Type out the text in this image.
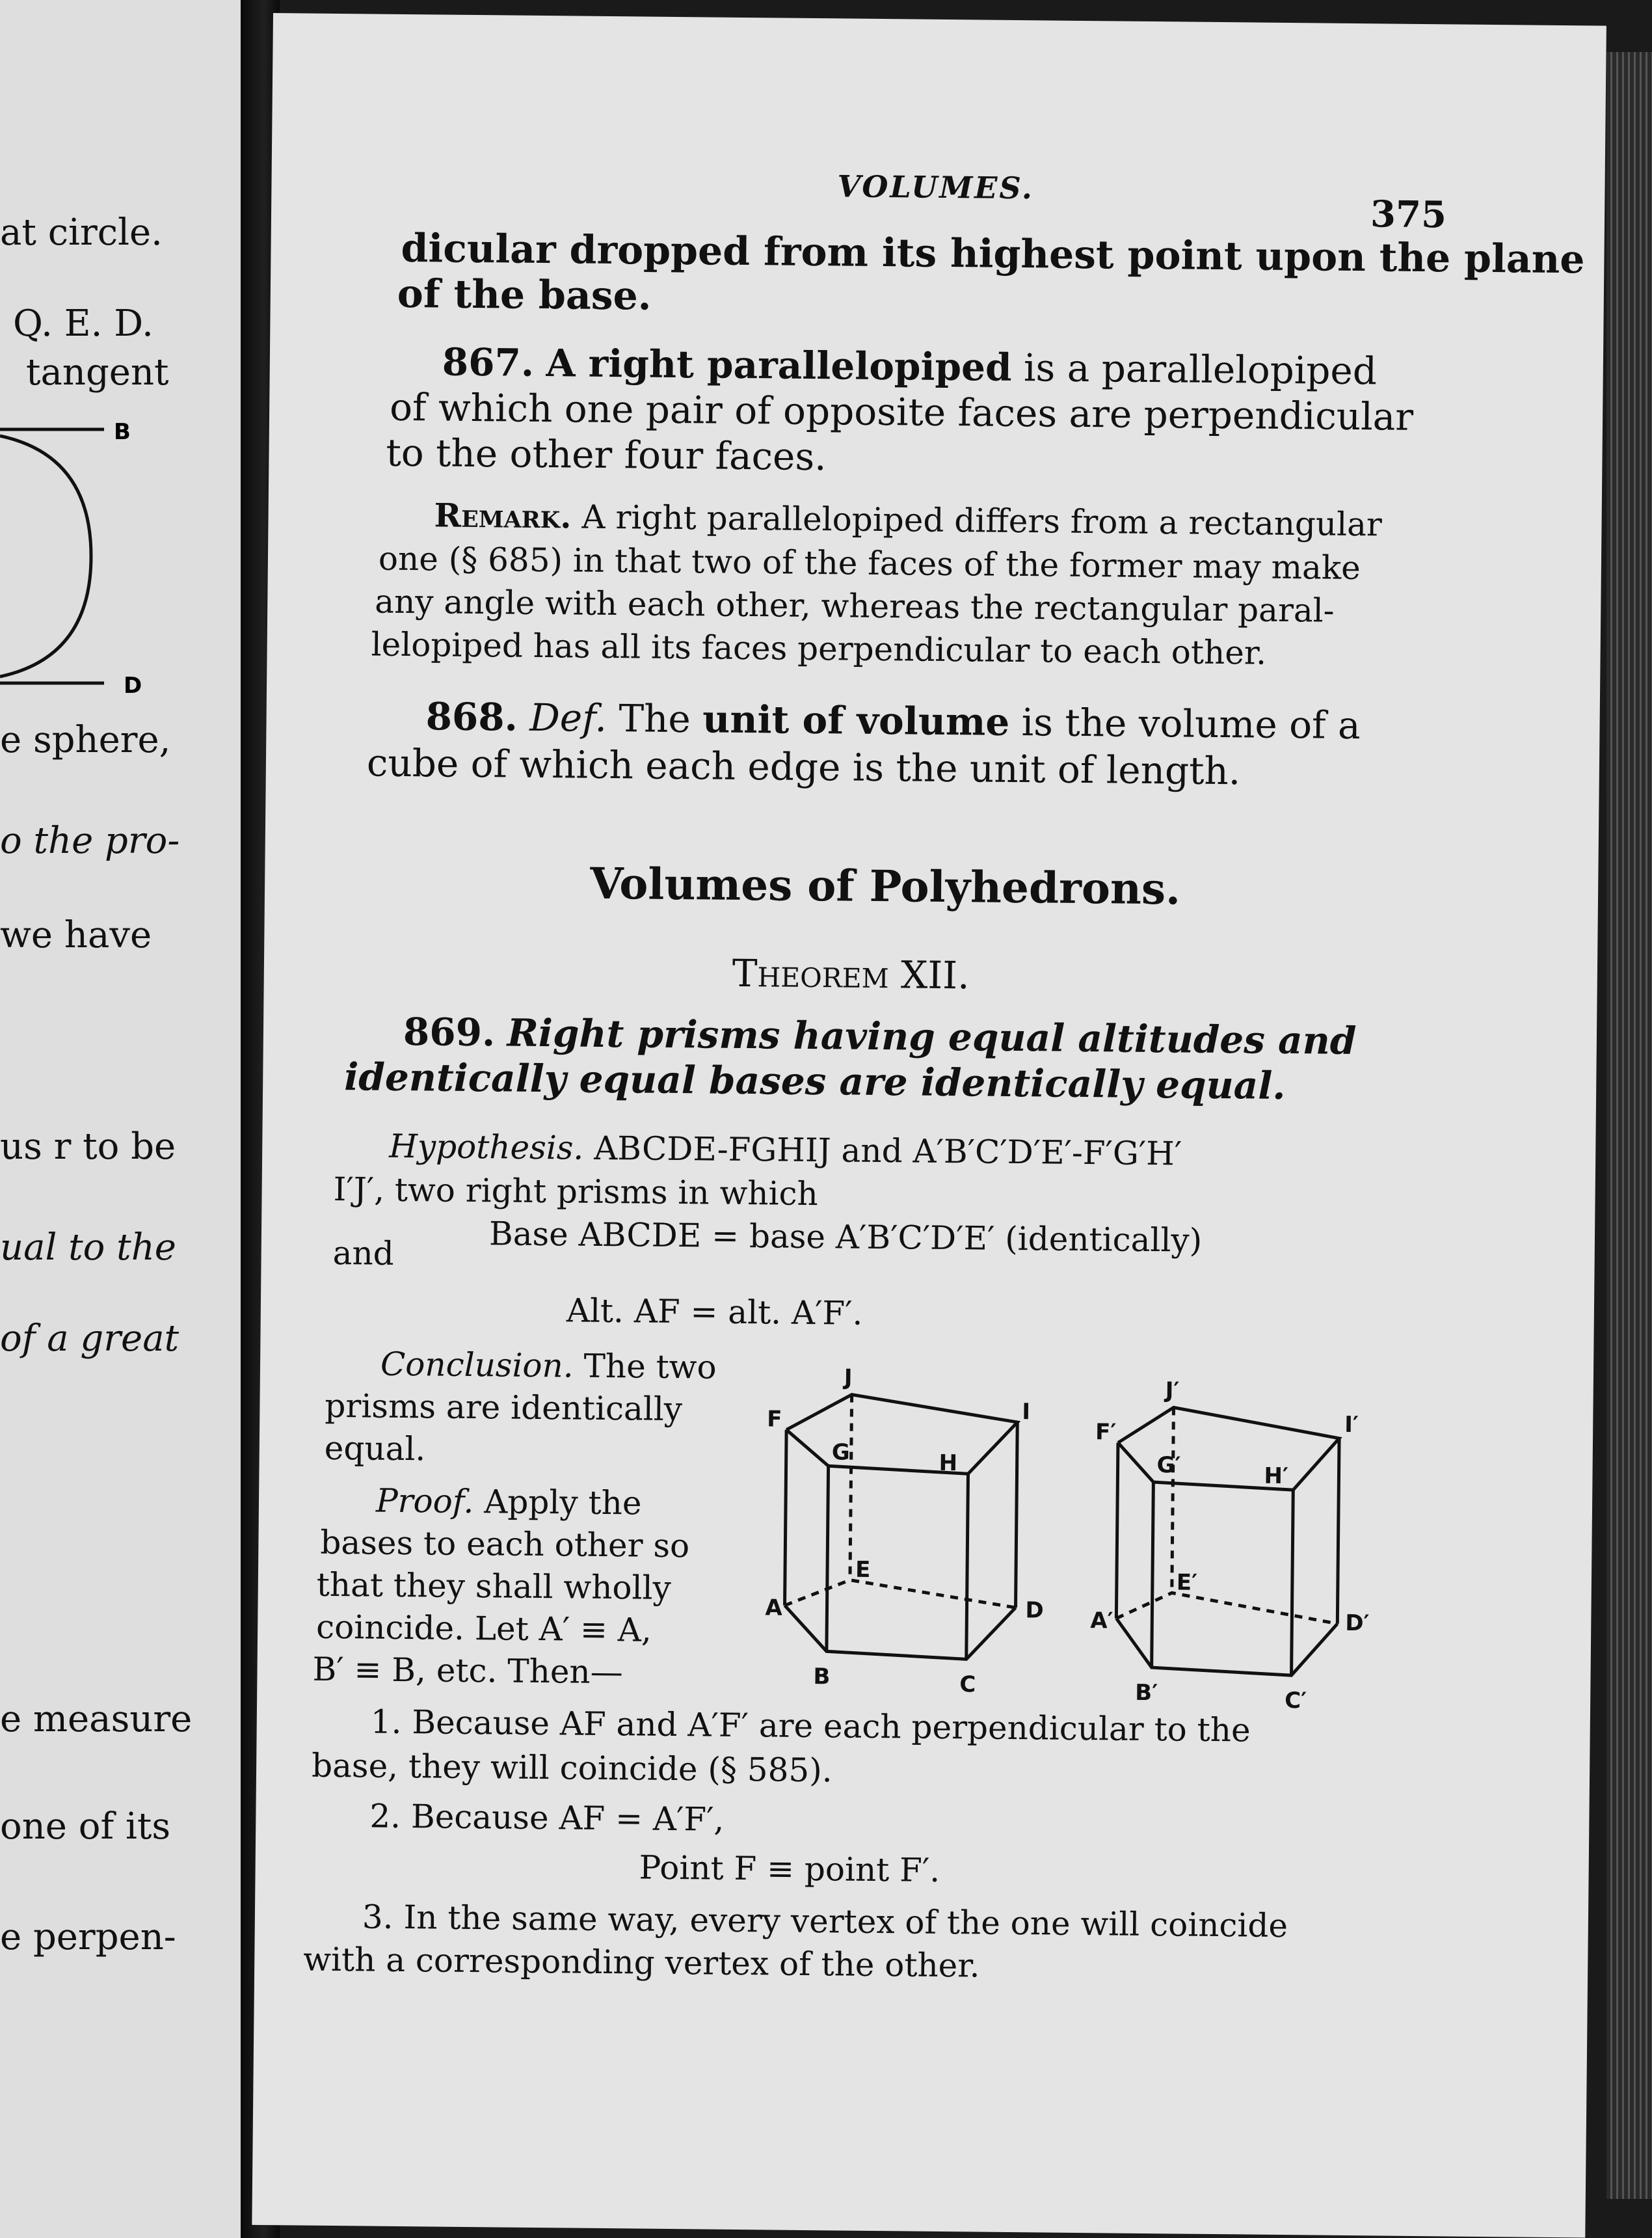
at circle.
Q. E. D.
tangent
B
D
e sphere,
o the pro-
we have
us r to be
ual to the
of a great
e measure
one of its
e perpen-
VOLUMES.
375
dicular dropped from its highest point upon the plane
of the base.
867. A right parallelopiped is a parallelopiped
of which one pair of opposite faces are perpendicular
to the other four faces.
Remark. A right parallelopiped differs from a rectangular
one (§ 685) in that two of the faces of the former may make
any angle with each other, whereas the rectangular paral-
lelopiped has all its faces perpendicular to each other.
868. Def. The unit of volume is the volume of a
cube of which each edge is the unit of length.
Volumes of Polyhedrons.
Theorem XII.
869. Right prisms having equal altitudes and
identically equal bases are identically equal.
Hypothesis. ABCDE-FGHIJ and A′B′C′D′E′-F′G′H′
I′J′, two right prisms in which
Base ABCDE = base A′B′C′D′E′ (identically)
and
Alt. AF = alt. A′F′.
Conclusion. The two
prisms are identically
equal.
Proof. Apply the
bases to each other so
that they shall wholly
coincide. Let A′ ≡ A,
B′ ≡ B, etc. Then—
1. Because AF and A′F′ are each perpendicular to the
base, they will coincide (§ 585).
2. Because AF = A′F′,
Point F ≡ point F′.
3. In the same way, every vertex of the one will coincide
with a corresponding vertex of the other.
A
B	C
D
E
F
G	H
I
J
A′
B′	C′
D′
E′
F′
G′	H′
I′
J′
